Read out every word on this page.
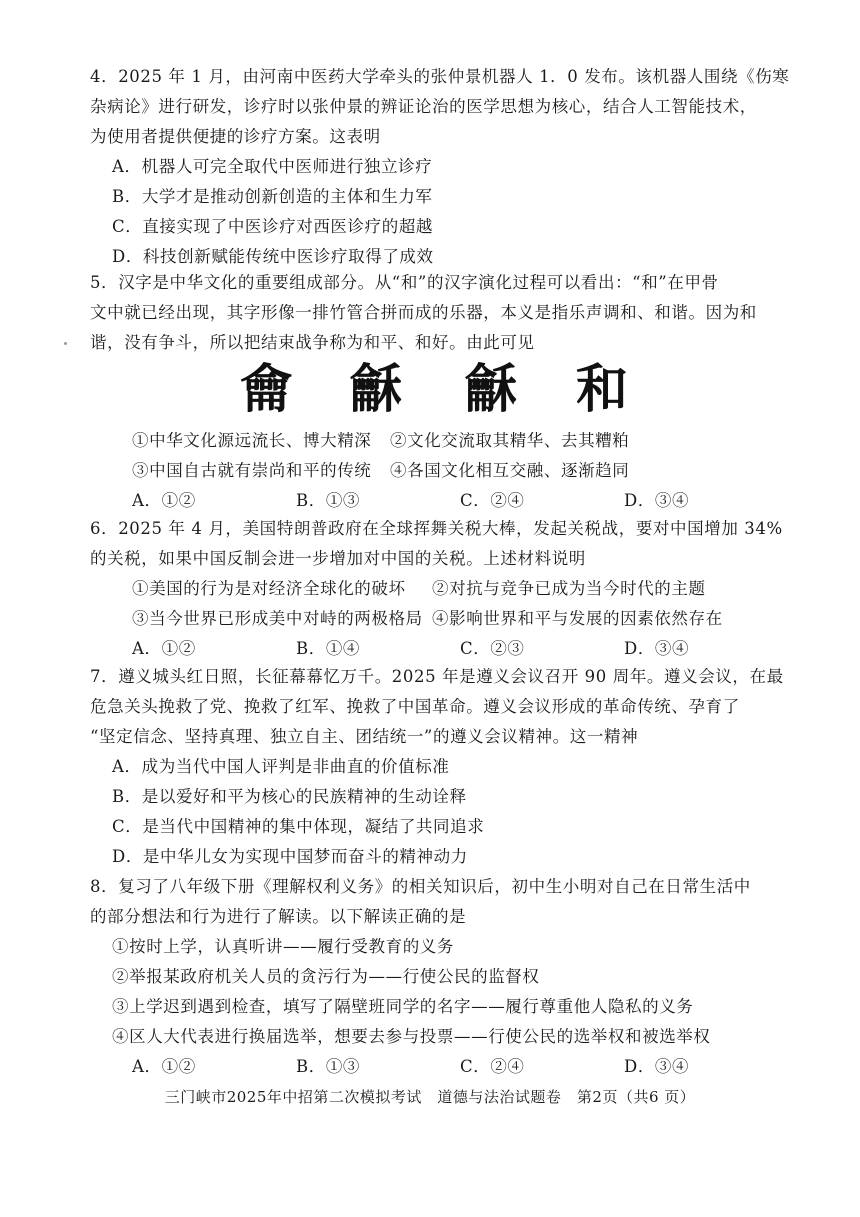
4．2025 年 1 月，由河南中医药大学牵头的张仲景机器人 1．0 发布。该机器人围绕《伤寒

杂病论》进行研发，诊疗时以张仲景的辨证论治的医学思想为核心，结合人工智能技术，

为使用者提供便捷的诊疗方案。这表明

A．机器人可完全取代中医师进行独立诊疗

B．大学才是推动创新创造的主体和生力军

C．直接实现了中医诊疗对西医诊疗的超越

D．科技创新赋能传统中医诊疗取得了成效

5．汉字是中华文化的重要组成部分。从“和”的汉字演化过程可以看出：“和”在甲骨

文中就已经出现，其字形像一排竹管合拼而成的乐器，本义是指乐声调和、和谐。因为和

谐，没有争斗，所以把结束战争称为和平、和好。由此可见

龠 龢 龢 和

①中华文化源远流长、博大精深	②文化交流取其精华、去其糟粕

③中国自古就有崇尚和平的传统	④各国文化相互交融、逐渐趋同

A．①②	B．①③	C．②④	D．③④

6．2025 年 4 月，美国特朗普政府在全球挥舞关税大棒，发起关税战，要对中国增加 34%

的关税，如果中国反制会进一步增加对中国的关税。上述材料说明

①美国的行为是对经济全球化的破坏	②对抗与竞争已成为当今时代的主题

③当今世界已形成美中对峙的两极格局 ④影响世界和平与发展的因素依然存在

A．①②	B．①④	C．②③	D．③④

7．遵义城头红日照，长征幕幕忆万千。2025 年是遵义会议召开 90 周年。遵义会议，在最

危急关头挽救了党、挽救了红军、挽救了中国革命。遵义会议形成的革命传统、孕育了

“坚定信念、坚持真理、独立自主、团结统一”的遵义会议精神。这一精神

A．成为当代中国人评判是非曲直的价值标准

B．是以爱好和平为核心的民族精神的生动诠释

C．是当代中国精神的集中体现，凝结了共同追求

D．是中华儿女为实现中国梦而奋斗的精神动力

8．复习了八年级下册《理解权利义务》的相关知识后，初中生小明对自己在日常生活中

的部分想法和行为进行了解读。以下解读正确的是

①按时上学，认真听讲——履行受教育的义务

②举报某政府机关人员的贪污行为——行使公民的监督权

③上学迟到遇到检查，填写了隔壁班同学的名字——履行尊重他人隐私的义务

④区人大代表进行换届选举，想要去参与投票——行使公民的选举权和被选举权

A．①②	B．①③	C．②④	D．③④

三门峡市2025年中招第二次模拟考试　道德与法治试题卷　第2页（共6 页）
